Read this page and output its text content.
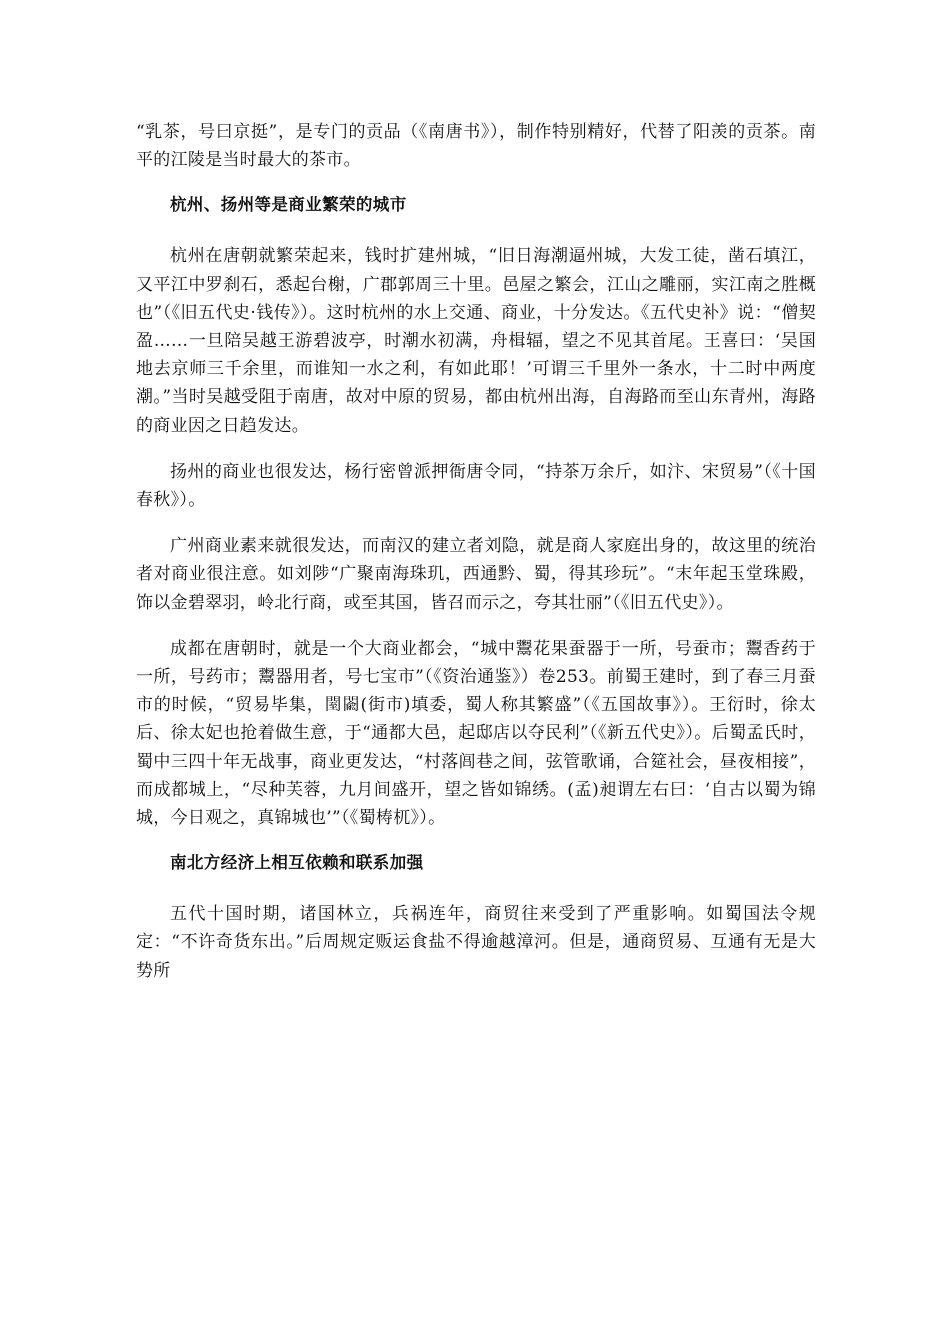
“乳茶，号曰京挺”，是专门的贡品（《南唐书》），制作特别精好，代替了阳羡的贡茶。南平的江陵是当时最大的茶市。

杭州、扬州等是商业繁荣的城市

杭州在唐朝就繁荣起来，钱时扩建州城，“旧日海潮逼州城，大发工徒，凿石填江，又平江中罗刹石，悉起台榭，广郡郭周三十里。邑屋之繁会，江山之雕丽，实江南之胜概也”（《旧五代史·钱传》）。这时杭州的水上交通、商业，十分发达。《五代史补》说：“僧契盈……一旦陪吴越王游碧波亭，时潮水初满，舟楫辐，望之不见其首尾。王喜曰：‘吴国地去京师三千余里，而谁知一水之利，有如此耶！’可谓三千里外一条水，十二时中两度潮。”当时吴越受阻于南唐，故对中原的贸易，都由杭州出海，自海路而至山东青州，海路的商业因之日趋发达。

扬州的商业也很发达，杨行密曾派押衙唐令同，“持茶万余斤，如汴、宋贸易”（《十国春秋》）。

广州商业素来就很发达，而南汉的建立者刘隐，就是商人家庭出身的，故这里的统治者对商业很注意。如刘陟“广聚南海珠玑，西通黔、蜀，得其珍玩”。“末年起玉堂珠殿，饰以金碧翠羽，岭北行商，或至其国，皆召而示之，夸其壮丽”（《旧五代史》）。

成都在唐朝时，就是一个大商业都会，“城中鬻花果蚕器于一所，号蚕市；鬻香药于一所，号药市；鬻器用者，号七宝市”（《资治通鉴》）卷253。前蜀王建时，到了春三月蚕市的时候，“贸易毕集，𨴗𨵦(街市)填委，蜀人称其繁盛”（《五国故事》）。王衍时，徐太后、徐太妃也抢着做生意，于“通都大邑，起邸店以夺民利”（《新五代史》）。后蜀孟氏时，蜀中三四十年无战事，商业更发达，“村落闾巷之间，弦管歌诵，合筵社会，昼夜相接”，而成都城上，“尽种芙蓉，九月间盛开，望之皆如锦绣。(孟)昶谓左右曰：‘自古以蜀为锦城，今日观之，真锦城也’”（《蜀梼杌》）。

南北方经济上相互依赖和联系加强

五代十国时期，诸国林立，兵祸连年，商贸往来受到了严重影响。如蜀国法令规定：“不许奇货东出。”后周规定贩运食盐不得逾越漳河。但是，通商贸易、互通有无是大势所
